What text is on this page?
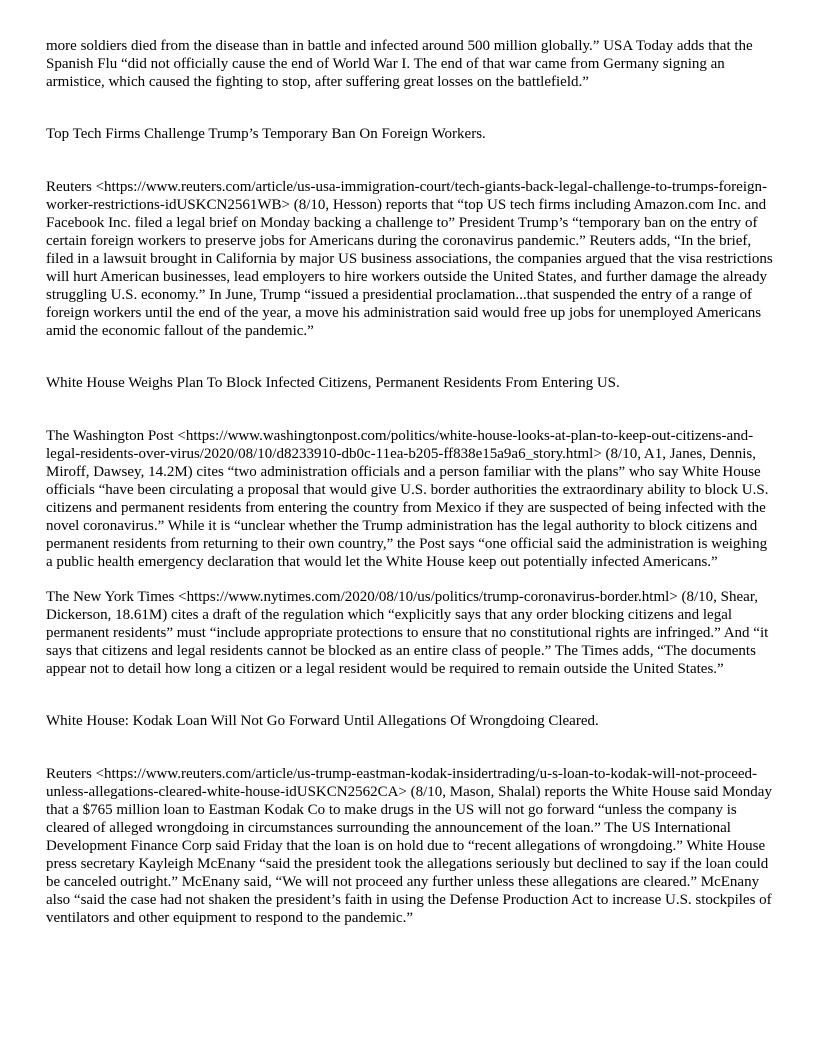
more soldiers died from the disease than in battle and infected around 500 million globally.” USA Today adds that the Spanish Flu “did not officially cause the end of World War I. The end of that war came from Germany signing an armistice, which caused the fighting to stop, after suffering great losses on the battlefield.”

Top Tech Firms Challenge Trump’s Temporary Ban On Foreign Workers.

Reuters <https://www.reuters.com/article/us-usa-immigration-court/tech-giants-back-legal-challenge-to-trumps-foreign-worker-restrictions-idUSKCN2561WB> (8/10, Hesson) reports that “top US tech firms including Amazon.com Inc. and Facebook Inc. filed a legal brief on Monday backing a challenge to” President Trump’s “temporary ban on the entry of certain foreign workers to preserve jobs for Americans during the coronavirus pandemic.” Reuters adds, “In the brief, filed in a lawsuit brought in California by major US business associations, the companies argued that the visa restrictions will hurt American businesses, lead employers to hire workers outside the United States, and further damage the already struggling U.S. economy.” In June, Trump “issued a presidential proclamation...that suspended the entry of a range of foreign workers until the end of the year, a move his administration said would free up jobs for unemployed Americans amid the economic fallout of the pandemic.”

White House Weighs Plan To Block Infected Citizens, Permanent Residents From Entering US.

The Washington Post <https://www.washingtonpost.com/politics/white-house-looks-at-plan-to-keep-out-citizens-and-legal-residents-over-virus/2020/08/10/d8233910-db0c-11ea-b205-ff838e15a9a6_story.html> (8/10, A1, Janes, Dennis, Miroff, Dawsey, 14.2M) cites “two administration officials and a person familiar with the plans” who say White House officials “have been circulating a proposal that would give U.S. border authorities the extraordinary ability to block U.S. citizens and permanent residents from entering the country from Mexico if they are suspected of being infected with the novel coronavirus.” While it is “unclear whether the Trump administration has the legal authority to block citizens and permanent residents from returning to their own country,” the Post says “one official said the administration is weighing a public health emergency declaration that would let the White House keep out potentially infected Americans.”

The New York Times <https://www.nytimes.com/2020/08/10/us/politics/trump-coronavirus-border.html> (8/10, Shear, Dickerson, 18.61M) cites a draft of the regulation which “explicitly says that any order blocking citizens and legal permanent residents” must “include appropriate protections to ensure that no constitutional rights are infringed.” And “it says that citizens and legal residents cannot be blocked as an entire class of people.” The Times adds, “The documents appear not to detail how long a citizen or a legal resident would be required to remain outside the United States.”

White House: Kodak Loan Will Not Go Forward Until Allegations Of Wrongdoing Cleared.

Reuters <https://www.reuters.com/article/us-trump-eastman-kodak-insidertrading/u-s-loan-to-kodak-will-not-proceed-unless-allegations-cleared-white-house-idUSKCN2562CA> (8/10, Mason, Shalal) reports the White House said Monday that a $765 million loan to Eastman Kodak Co to make drugs in the US will not go forward “unless the company is cleared of alleged wrongdoing in circumstances surrounding the announcement of the loan.” The US International Development Finance Corp said Friday that the loan is on hold due to “recent allegations of wrongdoing.” White House press secretary Kayleigh McEnany “said the president took the allegations seriously but declined to say if the loan could be canceled outright.” McEnany said, “We will not proceed any further unless these allegations are cleared.” McEnany also “said the case had not shaken the president’s faith in using the Defense Production Act to increase U.S. stockpiles of ventilators and other equipment to respond to the pandemic.”
